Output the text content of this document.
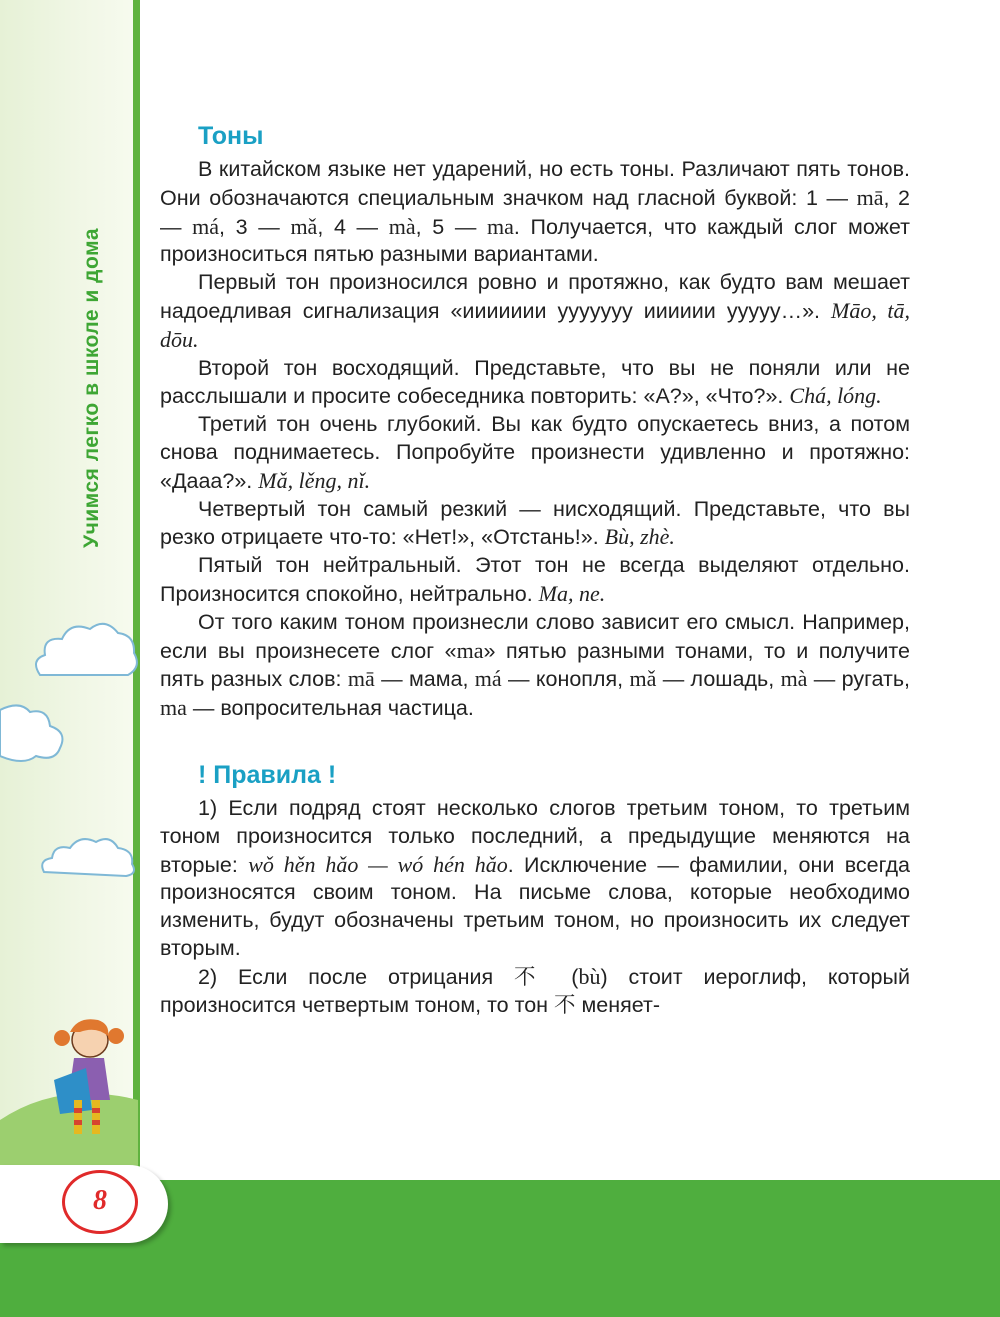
Учимся легко в школе и дома
8
Тоны

В китайском языке нет ударений, но есть тоны. Различают пять тонов. Они обозначаются специальным значком над гласной буквой: 1 — mā, 2 — má, 3 — mǎ, 4 — mà, 5 — ma. Получается, что каждый слог может произноситься пятью разными вариантами.

Первый тон произносился ровно и протяжно, как будто вам мешает надоедливая сигнализация «иииииии ууууууу ииииии ууууу…». Māo, tā, dōu.

Второй тон восходящий. Представьте, что вы не поняли или не расслышали и просите собеседника повторить: «А?», «Что?». Chá, lóng.

Третий тон очень глубокий. Вы как будто опускаетесь вниз, а потом снова поднимаетесь. Попробуйте произнести удивленно и протяжно: «Дааа?». Mǎ, lěng, nǐ.

Четвертый тон самый резкий — нисходящий. Представьте, что вы резко отрицаете что-то: «Нет!», «Отстань!». Bù, zhè.

Пятый тон нейтральный. Этот тон не всегда выделяют отдельно. Произносится спокойно, нейтрально. Ma, ne.

От того каким тоном произнесли слово зависит его смысл. Например, если вы произнесете слог «ma» пятью разными тонами, то и получите пять разных слов: mā — мама, má — конопля, mǎ — лошадь, mà — ругать, ma — вопросительная частица.

! Правила !

1) Если подряд стоят несколько слогов третьим тоном, то третьим тоном произносится только последний, а предыдущие меняются на вторые: wǒ hěn hǎo — wó hén hǎo. Исключение — фамилии, они всегда произносятся своим тоном. На письме слова, которые необходимо изменить, будут обозначены третьим тоном, но произносить их следует вторым.

2) Если после отрицания 不 (bù) стоит иероглиф, который произносится четвертым тоном, то тон 不 меняет-
